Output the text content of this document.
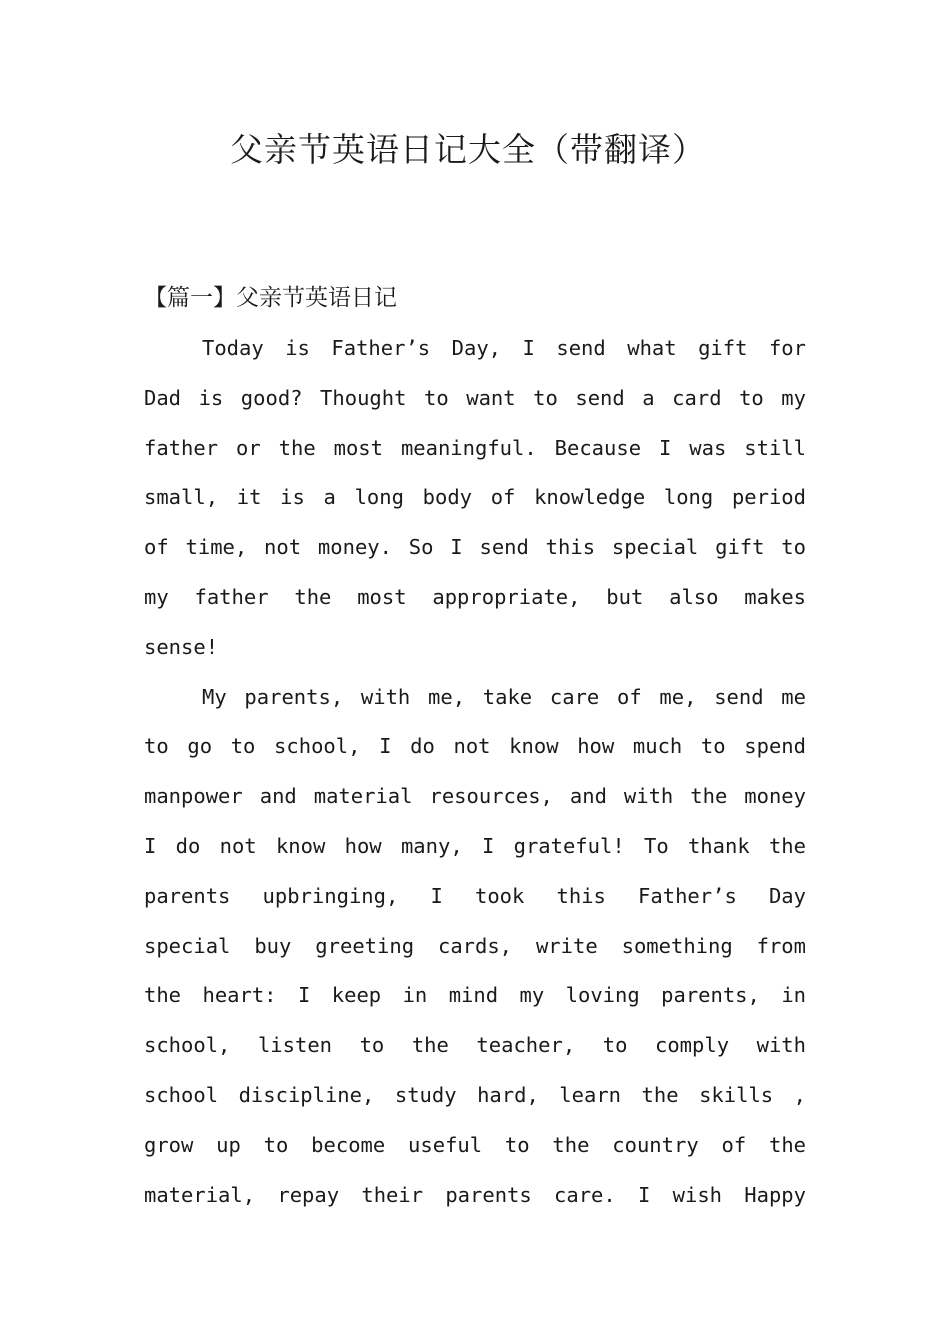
父亲节英语日记大全（带翻译）
【篇一】父亲节英语日记
Today is Father’s Day, I send what gift for
Dad is good? Thought to want to send a card to my
father or the most meaningful. Because I was still
small, it is a long body of knowledge long period
of time, not money. So I send this special gift to
my father the most appropriate, but also makes
sense!
My parents, with me, take care of me, send me
to go to school, I do not know how much to spend
manpower and material resources, and with the money
I do not know how many, I grateful! To thank the
parents upbringing, I took this Father’s Day
special buy greeting cards, write something from
the heart: I keep in mind my loving parents, in
school, listen to the teacher, to comply with
school discipline, study hard, learn the skills ,
grow up to become useful to the country of the
material, repay their parents care. I wish Happy
